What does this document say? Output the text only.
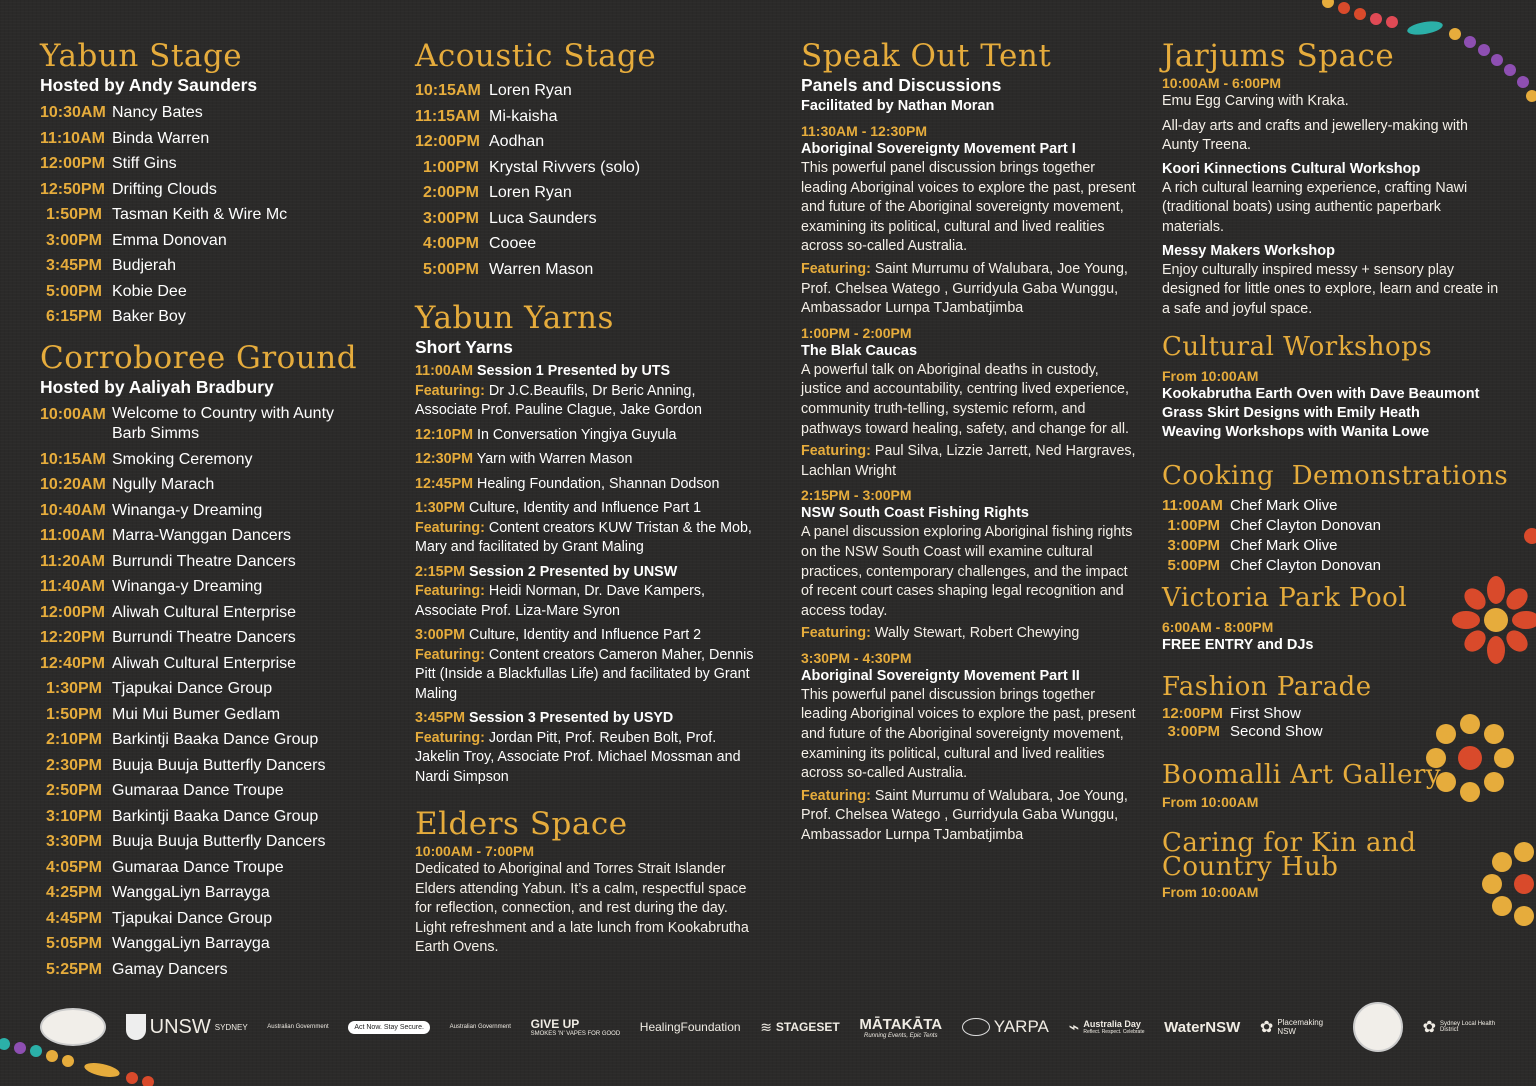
Yabun Stage
Hosted by Andy Saunders
10:30AM Nancy Bates
11:10AM Binda Warren
12:00PM Stiff Gins
12:50PM Drifting Clouds
1:50PM Tasman Keith & Wire Mc
3:00PM Emma Donovan
3:45PM Budjerah
5:00PM Kobie Dee
6:15PM Baker Boy
Corroboree Ground
Hosted by Aaliyah Bradbury
10:00AM Welcome to Country with Aunty Barb Simms
10:15AM Smoking Ceremony
10:20AM Ngully Marach
10:40AM Winanga-y Dreaming
11:00AM Marra-Wanggan Dancers
11:20AM Burrundi Theatre Dancers
11:40AM Winanga-y Dreaming
12:00PM Aliwah Cultural Enterprise
12:20PM Burrundi Theatre Dancers
12:40PM Aliwah Cultural Enterprise
1:30PM Tjapukai Dance Group
1:50PM Mui Mui Bumer Gedlam
2:10PM Barkintji Baaka Dance Group
2:30PM Buuja Buuja Butterfly Dancers
2:50PM Gumaraa Dance Troupe
3:10PM Barkintji Baaka Dance Group
3:30PM Buuja Buuja Butterfly Dancers
4:05PM Gumaraa Dance Troupe
4:25PM WanggaLiyn Barrayga
4:45PM Tjapukai Dance Group
5:05PM WanggaLiyn Barrayga
5:25PM Gamay Dancers
Acoustic Stage
10:15AM Loren Ryan
11:15AM Mi-kaisha
12:00PM Aodhan
1:00PM Krystal Rivvers (solo)
2:00PM Loren Ryan
3:00PM Luca Saunders
4:00PM Cooee
5:00PM Warren Mason
Yabun Yarns
Short Yarns
11:00AM Session 1 Presented by UTS
Featuring: Dr J.C.Beaufils, Dr Beric Anning, Associate Prof. Pauline Clague, Jake Gordon
12:10PM In Conversation Yingiya Guyula
12:30PM Yarn with Warren Mason
12:45PM Healing Foundation, Shannan Dodson
1:30PM Culture, Identity and Influence Part 1
Featuring: Content creators KUW Tristan & the Mob, Mary and facilitated by Grant Maling
2:15PM Session 2 Presented by UNSW
Featuring: Heidi Norman, Dr. Dave Kampers, Associate Prof. Liza-Mare Syron
3:00PM Culture, Identity and Influence Part 2
Featuring: Content creators Cameron Maher, Dennis Pitt (Inside a Blackfullas Life) and facilitated by Grant Maling
3:45PM Session 3 Presented by USYD
Featuring: Jordan Pitt, Prof. Reuben Bolt, Prof. Jakelin Troy, Associate Prof. Michael Mossman and Nardi Simpson
Elders Space
10:00AM - 7:00PM
Dedicated to Aboriginal and Torres Strait Islander Elders attending Yabun. It’s a calm, respectful space for reflection, connection, and rest during the day. Light refreshment and a late lunch from Kookabrutha Earth Ovens.
Speak Out Tent
Panels and Discussions
Facilitated by Nathan Moran
11:30AM - 12:30PM
Aboriginal Sovereignty Movement Part I
This powerful panel discussion brings together leading Aboriginal voices to explore the past, present and future of the Aboriginal sovereignty movement, examining its political, cultural and lived realities across so-called Australia.
Featuring: Saint Murrumu of Walubara, Joe Young, Prof. Chelsea Watego , Gurridyula Gaba Wunggu, Ambassador Lurnpa TJambatjimba
1:00PM - 2:00PM
The Blak Caucas
A powerful talk on Aboriginal deaths in custody, justice and accountability, centring lived experience, community truth-telling, systemic reform, and pathways toward healing, safety, and change for all.
Featuring: Paul Silva, Lizzie Jarrett, Ned Hargraves, Lachlan Wright
2:15PM - 3:00PM
NSW South Coast Fishing Rights
A panel discussion exploring Aboriginal fishing rights on the NSW South Coast will examine cultural practices, contemporary challenges, and the impact of recent court cases shaping legal recognition and access today.
Featuring: Wally Stewart, Robert Chewying
3:30PM - 4:30PM
Aboriginal Sovereignty Movement Part II
This powerful panel discussion brings together leading Aboriginal voices to explore the past, present and future of the Aboriginal sovereignty movement, examining its political, cultural and lived realities across so-called Australia.
Featuring: Saint Murrumu of Walubara, Joe Young, Prof. Chelsea Watego , Gurridyula Gaba Wunggu, Ambassador Lurnpa TJambatjimba
Jarjums Space
10:00AM - 6:00PM
Emu Egg Carving with Kraka.
All-day arts and crafts and jewellery-making with Aunty Treena.
Koori Kinnections Cultural Workshop
A rich cultural learning experience, crafting Nawi (traditional boats) using authentic paperbark materials.
Messy Makers Workshop
Enjoy culturally inspired messy + sensory play designed for little ones to explore, learn and create in a safe and joyful space.
Cultural Workshops
From 10:00AM
Kookabrutha Earth Oven with Dave Beaumont
Grass Skirt Designs with Emily Heath
Weaving Workshops with Wanita Lowe
Cooking  Demonstrations
11:00AM Chef Mark Olive
1:00PM Chef Clayton Donovan
3:00PM Chef Mark Olive
5:00PM Chef Clayton Donovan
Victoria Park Pool
6:00AM - 8:00PM
FREE ENTRY and DJs
Fashion Parade
12:00PM First Show
3:00PM Second Show
Boomalli Art Gallery
From 10:00AM
Caring for Kin and
Country Hub
From 10:00AM
UNSW SYDNEY	Australian Government	Act Now. Stay Secure.	Australian Government GIVE UP
SMOKES 'N' VAPES FOR GOOD HealingFoundation ≋ STAGESET MĀTAKĀTA
Running Events, Epic Tents	YARPA ⌁ Australia Day
Reflect. Respect. Celebrate WaterNSW ✿ Placemaking NSW	✿ Sydney Local Health District
